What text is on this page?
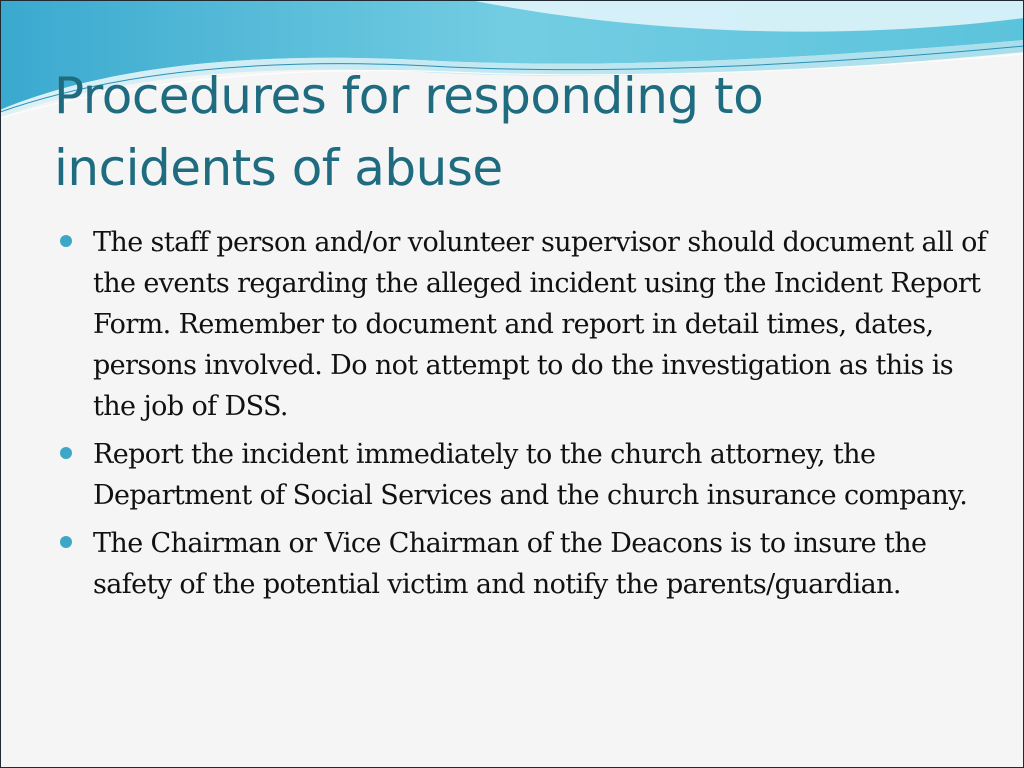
Procedures for responding to
incidents of abuse
The staff person and/or volunteer supervisor should document all of the events regarding the alleged incident using the Incident Report Form. Remember to document and report in detail times, dates, persons involved. Do not attempt to do the investigation as this is the job of DSS.
Report the incident immediately to the church attorney, the Department of Social Services and the church insurance company.
The Chairman or Vice Chairman of the Deacons is to insure the safety of the potential victim and notify the parents/guardian.
